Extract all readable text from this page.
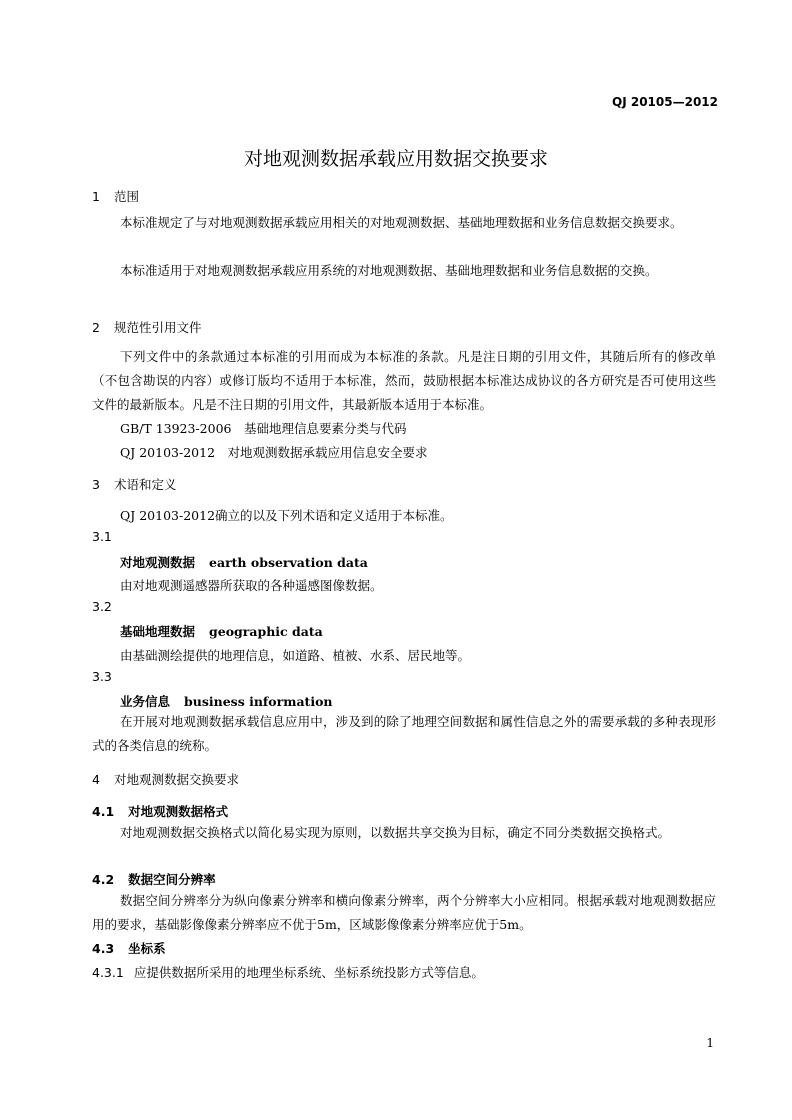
QJ 20105—2012
对地观测数据承载应用数据交换要求
1 范围
本标准规定了与对地观测数据承载应用相关的对地观测数据、基础地理数据和业务信息数据交换要求。
本标准适用于对地观测数据承载应用系统的对地观测数据、基础地理数据和业务信息数据的交换。
2 规范性引用文件
下列文件中的条款通过本标准的引用而成为本标准的条款。凡是注日期的引用文件，其随后所有的修改单（不包含勘误的内容）或修订版均不适用于本标准，然而，鼓励根据本标准达成协议的各方研究是否可使用这些文件的最新版本。凡是不注日期的引用文件，其最新版本适用于本标准。
GB/T 13923-2006　基础地理信息要素分类与代码
QJ 20103-2012　对地观测数据承载应用信息安全要求
3 术语和定义
QJ 20103-2012确立的以及下列术语和定义适用于本标准。
3.1
对地观测数据 earth observation data
由对地观测遥感器所获取的各种遥感图像数据。
3.2
基础地理数据 geographic data
由基础测绘提供的地理信息，如道路、植被、水系、居民地等。
3.3
业务信息 business information
在开展对地观测数据承载信息应用中，涉及到的除了地理空间数据和属性信息之外的需要承载的多种表现形式的各类信息的统称。
4 对地观测数据交换要求
4.1 对地观测数据格式
对地观测数据交换格式以简化易实现为原则，以数据共享交换为目标，确定不同分类数据交换格式。
4.2 数据空间分辨率
数据空间分辨率分为纵向像素分辨率和横向像素分辨率，两个分辨率大小应相同。根据承载对地观测数据应用的要求，基础影像像素分辨率应不优于5m，区域影像像素分辨率应优于5m。
4.3 坐标系
4.3.1 应提供数据所采用的地理坐标系统、坐标系统投影方式等信息。
1
